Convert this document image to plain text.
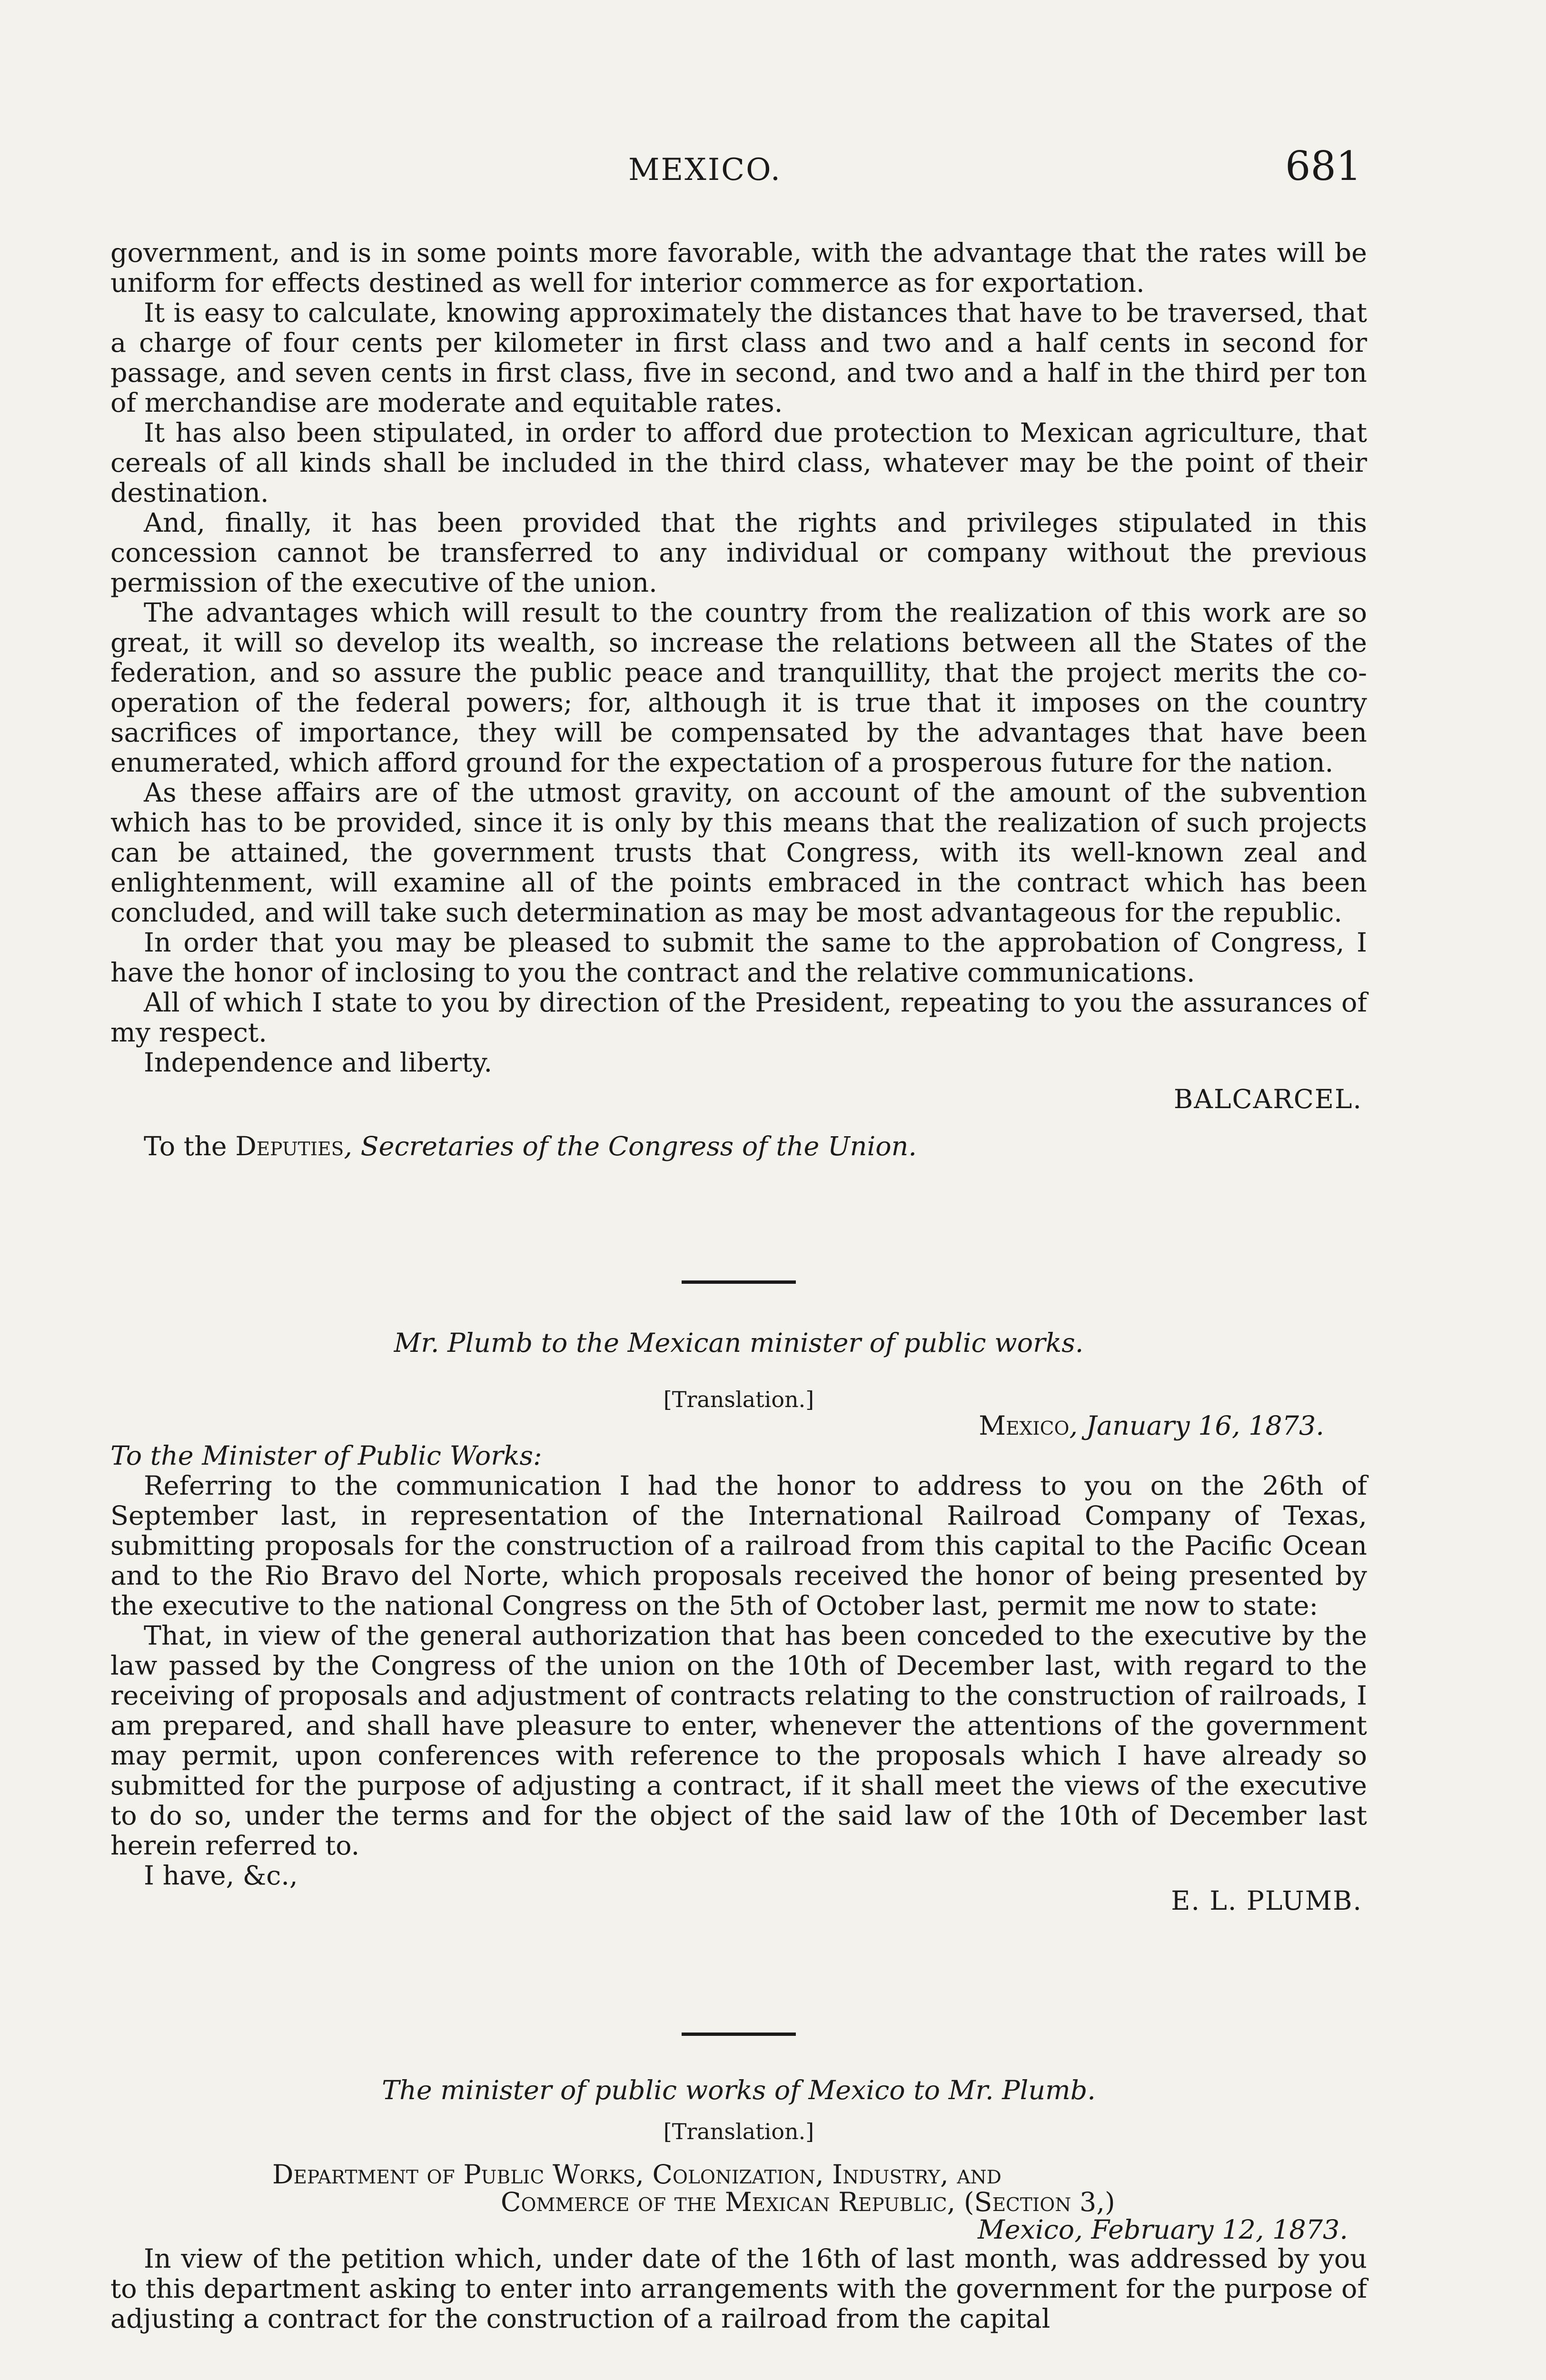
MEXICO.	681

government, and is in some points more favorable, with the advantage that the rates will be uniform for effects destined as well for interior commerce as for exportation.

It is easy to calculate, knowing approximately the distances that have to be traversed, that a charge of four cents per kilometer in first class and two and a half cents in second for passage, and seven cents in first class, five in second, and two and a half in the third per ton of merchandise are moderate and equitable rates.

It has also been stipulated, in order to afford due protection to Mexican agriculture, that cereals of all kinds shall be included in the third class, whatever may be the point of their destination.

And, finally, it has been provided that the rights and privileges stipulated in this concession cannot be transferred to any individual or company without the previous permission of the executive of the union.

The advantages which will result to the country from the realization of this work are so great, it will so develop its wealth, so increase the relations between all the States of the federation, and so assure the public peace and tranquillity, that the project merits the co-operation of the federal powers; for, although it is true that it imposes on the country sacrifices of importance, they will be compensated by the advantages that have been enumerated, which afford ground for the expectation of a prosperous future for the nation.

As these affairs are of the utmost gravity, on account of the amount of the subvention which has to be provided, since it is only by this means that the realization of such projects can be attained, the government trusts that Congress, with its well-known zeal and enlightenment, will examine all of the points embraced in the contract which has been concluded, and will take such determination as may be most advantageous for the republic.

In order that you may be pleased to submit the same to the approbation of Congress, I have the honor of inclosing to you the contract and the relative communications.

All of which I state to you by direction of the President, repeating to you the assurances of my respect.

Independence and liberty.

BALCARCEL.

To the Deputies, Secretaries of the Congress of the Union.

Mr. Plumb to the Mexican minister of public works.
[Translation.]
Mexico, January 16, 1873.
To the Minister of Public Works:

Referring to the communication I had the honor to address to you on the 26th of September last, in representation of the International Railroad Company of Texas, submitting proposals for the construction of a railroad from this capital to the Pacific Ocean and to the Rio Bravo del Norte, which proposals received the honor of being presented by the executive to the national Congress on the 5th of October last, permit me now to state:

That, in view of the general authorization that has been conceded to the executive by the law passed by the Congress of the union on the 10th of December last, with regard to the receiving of proposals and adjustment of contracts relating to the construction of railroads, I am prepared, and shall have pleasure to enter, whenever the attentions of the government may permit, upon conferences with reference to the proposals which I have already so submitted for the purpose of adjusting a contract, if it shall meet the views of the executive to do so, under the terms and for the object of the said law of the 10th of December last herein referred to.

I have, &c.,

E. L. PLUMB.
The minister of public works of Mexico to Mr. Plumb.
[Translation.]
Department of Public Works, Colonization, Industry, and
Commerce of the Mexican Republic, (Section 3,)
Mexico, February 12, 1873.

In view of the petition which, under date of the 16th of last month, was addressed by you to this department asking to enter into arrangements with the government for the purpose of adjusting a contract for the construction of a railroad from the capital
